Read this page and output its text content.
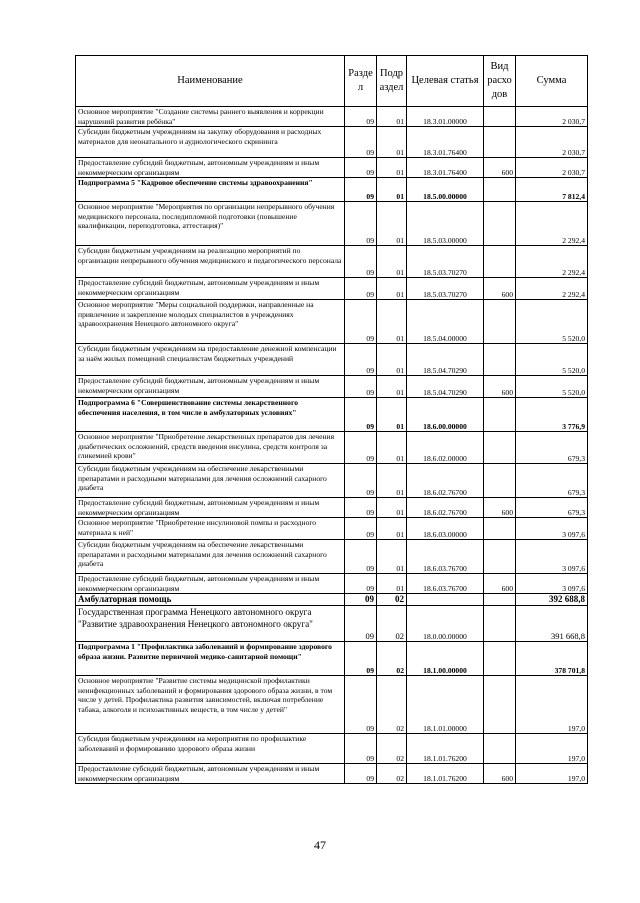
Наименование	Разде л	Подр аздел	Целевая статья	Вид расхо дов	Сумма
Основное мероприятие "Создание системы раннего выявления и коррекции нарушений развития ребёнка"	09	01	18.3.01.00000		2 030,7
Субсидии бюджетным учреждениям на закупку оборудования и расходных материалов для неонатального и аудиологического скрининга	09	01	18.3.01.76400		2 030,7
Предоставление субсидий бюджетным, автономным учреждениям и иным некоммерческим организациям	09	01	18.3.01.76400	600	2 030,7
Подпрограмма 5 "Кадровое обеспечение системы здравоохранения"	09	01	18.5.00.00000		7 812,4
Основное мероприятие "Мероприятия по организации непрерывного обучения медицинского персонала, последипломной подготовки (повышение квалификации, переподготовка, аттестация)"	09	01	18.5.03.00000		2 292,4
Субсидии бюджетным учреждениям на реализацию мероприятий по организации непрерывного обучения медицинского и педагогического персонала	09	01	18.5.03.70270		2 292,4
Предоставление субсидий бюджетным, автономным учреждениям и иным некоммерческим организациям	09	01	18.5.03.70270	600	2 292,4
Основное мероприятие "Меры социальной поддержки, направленные на привлечение и закрепление молодых специалистов в учреждениях здравоохранения Ненецкого автономного округа"	09	01	18.5.04.00000		5 520,0
Субсидии бюджетным учреждениям на предоставление денежной компенсации за наём жилых помещений специалистам бюджетных учреждений	09	01	18.5.04.70290		5 520,0
Предоставление субсидий бюджетным, автономным учреждениям и иным некоммерческим организациям	09	01	18.5.04.70290	600	5 520,0
Подпрограмма 6 "Совершенствование системы лекарственного обеспечения населения, в том числе в амбулаторных условиях"	09	01	18.6.00.00000		3 776,9
Основное мероприятие "Приобретение лекарственных препаратов для лечения диабетических осложнений, средств введения инсулина, средств контроля за гликемией крови"	09	01	18.6.02.00000		679,3
Субсидии бюджетным учреждениям на обеспечение лекарственными препаратами и расходными материалами для лечения осложнений сахарного диабета	09	01	18.6.02.76700		679,3
Предоставление субсидий бюджетным, автономным учреждениям и иным некоммерческим организациям	09	01	18.6.02.76700	600	679,3
Основное мероприятие "Приобретение инсулиновой помпы и расходного материала к ней"	09	01	18.6.03.00000		3 097,6
Субсидии бюджетным учреждениям на обеспечение лекарственными препаратами и расходными материалами для лечения осложнений сахарного диабета	09	01	18.6.03.76700		3 097,6
Предоставление субсидий бюджетным, автономным учреждениям и иным некоммерческим организациям	09	01	18.6.03.76700	600	3 097,6
Амбулаторная помощь	09	02			392 688,8
Государственная программа Ненецкого автономного округа "Развитие здравоохранения Ненецкого автономного округа"	09	02	18.0.00.00000		391 668,8
Подпрограмма 1 "Профилактика заболеваний и формирование здорового образа жизни. Развитие первичной медико-санитарной помощи"	09	02	18.1.00.00000		378 701,8
Основное мероприятие "Развитие системы медицинской профилактики неинфекционных заболеваний и формирования здорового образа жизни, в том числе у детей. Профилактика развития зависимостей, включая потребление табака, алкоголя и психоактивных веществ, в том числе у детей"	09	02	18.1.01.00000		197,0
Субсидия бюджетным учреждениям на мероприятия по профилактике заболеваний и формированию здорового образа жизни	09	02	18.1.01.76200		197,0
Предоставление субсидий бюджетным, автономным учреждениям и иным некоммерческим организациям	09	02	18.1.01.76200	600	197,0
47
